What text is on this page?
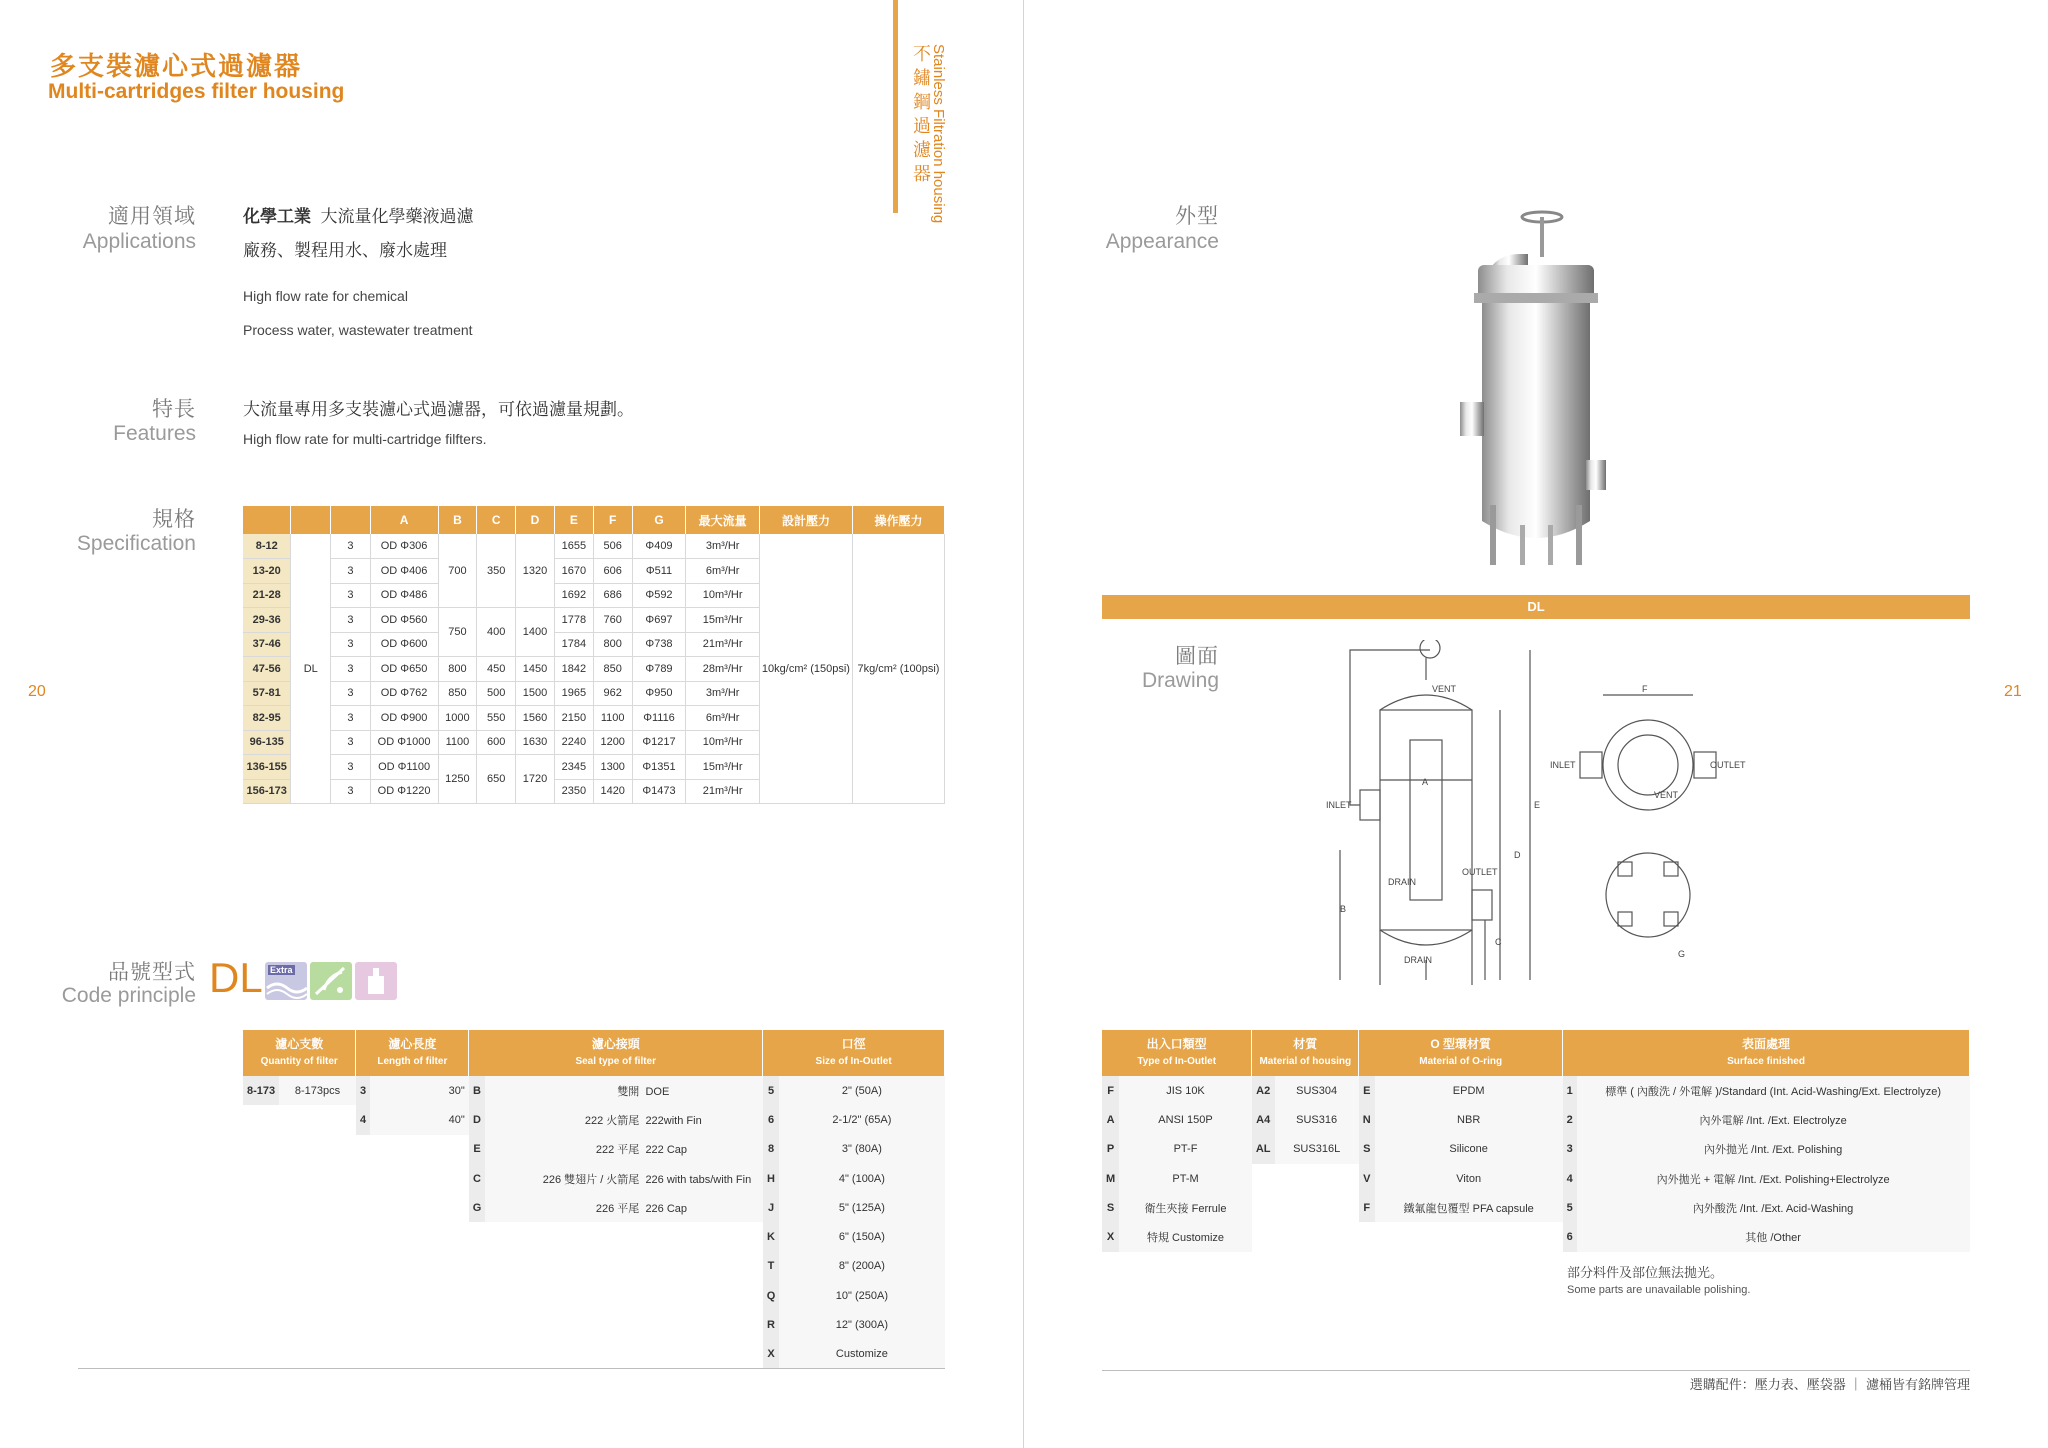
多支裝濾心式過濾器
Multi-cartridges filter housing	不鏽鋼過濾器 Stainless Filtration housing
20	21
適用領域
Applications
化學工業 大流量化學藥液過濾
廠務、製程用水、廢水處理
High flow rate for chemical
Process water, wastewater treatment
特長
Features
大流量專用多支裝濾心式過濾器，可依過濾量規劃。
High flow rate for multi-cartridge filfters.
規格
Specification
			A	B	C	D	E	F	G	最大流量	設計壓力	操作壓力
8-12	DL	3	OD Φ306	700	350	1320	1655	506	Φ409	3m³/Hr	10kg/cm² (150psi)	7kg/cm² (100psi)
13-20		3	OD Φ406				1670	606	Φ511	6m³/Hr		
21-28		3	OD Φ486				1692	686	Φ592	10m³/Hr		
29-36		3	OD Φ560	750	400	1400	1778	760	Φ697	15m³/Hr		
37-46		3	OD Φ600				1784	800	Φ738	21m³/Hr		
47-56		3	OD Φ650	800	450	1450	1842	850	Φ789	28m³/Hr		
57-81		3	OD Φ762	850	500	1500	1965	962	Φ950	3m³/Hr		
82-95		3	OD Φ900	1000	550	1560	2150	1100	Φ1116	6m³/Hr		
96-135		3	OD Φ1000	1100	600	1630	2240	1200	Φ1217	10m³/Hr		
136-155		3	OD Φ1100	1250	650	1720	2345	1300	Φ1351	15m³/Hr		
156-173		3	OD Φ1220				2350	1420	Φ1473	21m³/Hr		
品號型式
Code principle DL Extra
濾心支數
Quantity of filter		濾心長度
Length of filter		濾心接頭
Seal type of filter		口徑
Size of In-Outlet	

8-173	8-173pcs	3	30"	B	雙開 DOE	5	2" (50A)
		4	40"	D	222 火箭尾 222with Fin	6	2-1/2" (65A)
				E	222 平尾 222 Cap	8	3" (80A)
				C	226 雙翅片 / 火箭尾 226 with tabs/with Fin	H	4" (100A)
				G	226 平尾 226 Cap	J	5" (125A)
						K	6" (150A)
						T	8" (200A)
						Q	10" (250A)
						R	12" (300A)
						X	Customize
外型
Appearance
DL
圖面
Drawing	VENT
INLET
OUTLET
DRAIN
DRAIN
A
B
C
D
E
F
G
INLET	OUTLET
VENT
出入口類型
Type of In-Outlet		材質
Material of housing		O 型環材質
Material of O-ring		表面處理
Surface finished	

F	JIS 10K	A2	SUS304	E	EPDM	1	標準 ( 內酸洗 / 外電解 )/Standard (Int. Acid-Washing/Ext. Electrolyze)
A	ANSI 150P	A4	SUS316	N	NBR	2	內外電解 /Int. /Ext. Electrolyze
P	PT-F	AL	SUS316L	S	Silicone	3	內外拋光 /Int. /Ext. Polishing
M	PT-M			V	Viton	4	內外拋光 + 電解 /Int. /Ext. Polishing+Electrolyze
S	衛生夾接 Ferrule			F	鐵氟龍包覆型 PFA capsule	5	內外酸洗 /Int. /Ext. Acid-Washing
X	特規 Customize					6	其他 /Other
部分料件及部位無法拋光。
Some parts are unavailable polishing.
選購配件：壓力表、壓袋器 ｜ 濾桶皆有銘牌管理
